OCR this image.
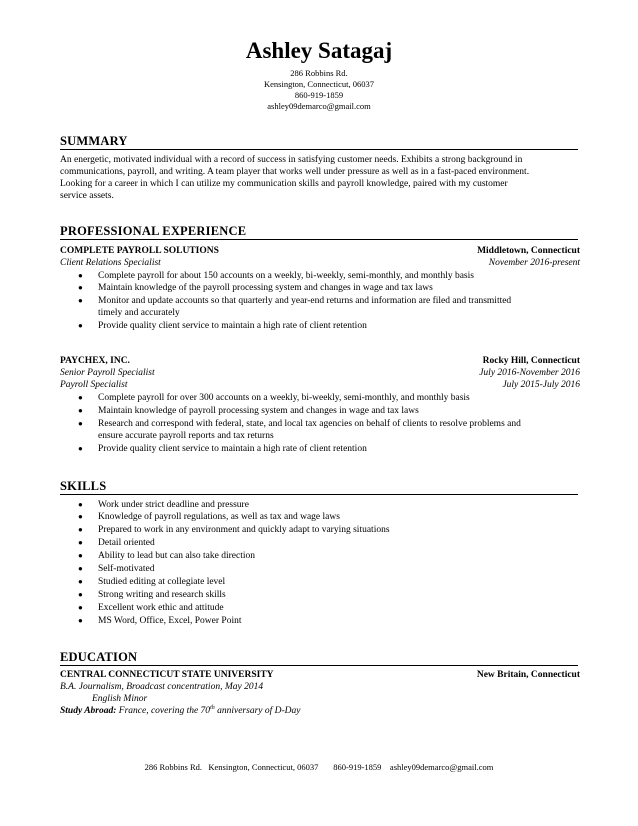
Ashley Satagaj
286 Robbins Rd.
Kensington, Connecticut, 06037
860-919-1859
ashley09demarco@gmail.com
SUMMARY
An energetic, motivated individual with a record of success in satisfying customer needs. Exhibits a strong background in
communications, payroll, and writing. A team player that works well under pressure as well as in a fast-paced environment.
Looking for a career in which I can utilize my communication skills and payroll knowledge, paired with my customer
service assets.
PROFESSIONAL EXPERIENCE
COMPLETE PAYROLL SOLUTIONS	Middletown, Connecticut
Client Relations Specialist	November 2016-present
● Complete payroll for about 150 accounts on a weekly, bi-weekly, semi-monthly, and monthly basis
● Maintain knowledge of the payroll processing system and changes in wage and tax laws
● Monitor and update accounts so that quarterly and year-end returns and information are filed and transmitted
timely and accurately
● Provide quality client service to maintain a high rate of client retention
PAYCHEX, INC.	Rocky Hill, Connecticut
Senior Payroll Specialist	July 2016-November 2016
Payroll Specialist	July 2015-July 2016
● Complete payroll for over 300 accounts on a weekly, bi-weekly, semi-monthly, and monthly basis
● Maintain knowledge of payroll processing system and changes in wage and tax laws
● Research and correspond with federal, state, and local tax agencies on behalf of clients to resolve problems and
ensure accurate payroll reports and tax returns
● Provide quality client service to maintain a high rate of client retention
SKILLS
● Work under strict deadline and pressure
● Knowledge of payroll regulations, as well as tax and wage laws
● Prepared to work in any environment and quickly adapt to varying situations
● Detail oriented
● Ability to lead but can also take direction
● Self-motivated
● Studied editing at collegiate level
● Strong writing and research skills
● Excellent work ethic and attitude
● MS Word, Office, Excel, Power Point
EDUCATION
CENTRAL CONNECTICUT STATE UNIVERSITY	New Britain, Connecticut
B.A. Journalism, Broadcast concentration, May 2014
English Minor
Study Abroad: France, covering the 70th anniversary of D-Day
286 Robbins Rd.   Kensington, Connecticut, 06037       860-919-1859    ashley09demarco@gmail.com
